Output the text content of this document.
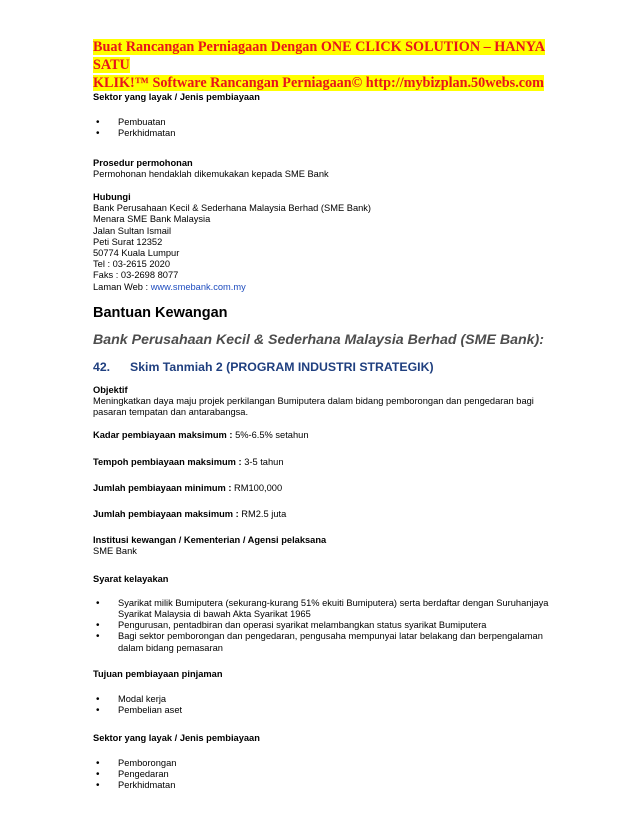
Buat Rancangan Perniagaan Dengan ONE CLICK SOLUTION – HANYA SATU
KLIK!™ Software Rancangan Perniagaan© http://mybizplan.50webs.com
Sektor yang layak / Jenis pembiayaan
• Pembuatan
• Perkhidmatan
Prosedur permohonan
Permohonan hendaklah dikemukakan kepada SME Bank
Hubungi
Bank Perusahaan Kecil & Sederhana Malaysia Berhad (SME Bank)
Menara SME Bank Malaysia
Jalan Sultan Ismail
Peti Surat 12352
50774 Kuala Lumpur
Tel : 03-2615 2020
Faks : 03-2698 8077
Laman Web : www.smebank.com.my
Bantuan Kewangan
Bank Perusahaan Kecil & Sederhana Malaysia Berhad (SME Bank):
42. Skim Tanmiah 2 (PROGRAM INDUSTRI STRATEGIK)
Objektif
Meningkatkan daya maju projek perkilangan Bumiputera dalam bidang pemborongan dan pengedaran bagi
pasaran tempatan dan antarabangsa.
Kadar pembiayaan maksimum : 5%-6.5% setahun
Tempoh pembiayaan maksimum : 3-5 tahun
Jumlah pembiayaan minimum : RM100,000
Jumlah pembiayaan maksimum : RM2.5 juta
Institusi kewangan / Kementerian / Agensi pelaksana
SME Bank
Syarat kelayakan
• Syarikat milik Bumiputera (sekurang-kurang 51% ekuiti Bumiputera) serta berdaftar dengan Suruhanjaya
Syarikat Malaysia di bawah Akta Syarikat 1965
• Pengurusan, pentadbiran dan operasi syarikat melambangkan status syarikat Bumiputera
• Bagi sektor pemborongan dan pengedaran, pengusaha mempunyai latar belakang dan berpengalaman
dalam bidang pemasaran
Tujuan pembiayaan pinjaman
• Modal kerja
• Pembelian aset
Sektor yang layak / Jenis pembiayaan
• Pemborongan
• Pengedaran
• Perkhidmatan
